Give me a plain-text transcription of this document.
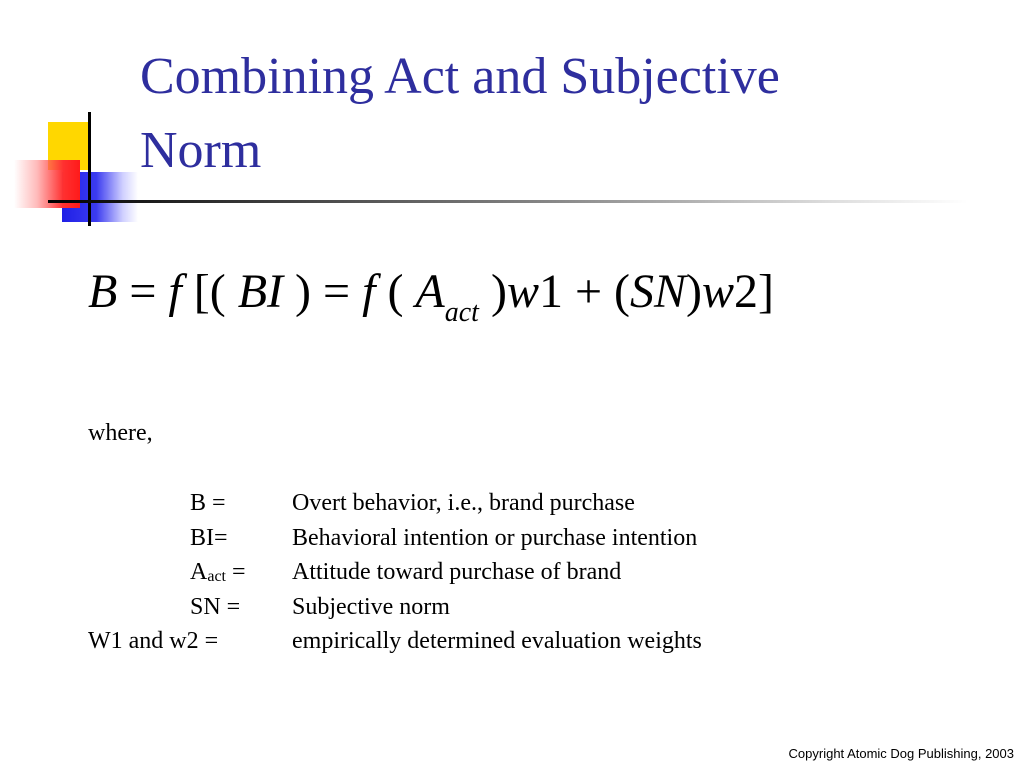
Combining Act and Subjective
Norm
B = f [( BI ) = f ( $A_{act}$ )w1 + (SN)w2]
where,
B =	Overt behavior, i.e., brand purchase
BI=	Behavioral intention or purchase intention
$A_{act}$ = Attitude toward purchase of brand
SN = Subjective norm
W1 and w2 =	empirically determined evaluation weights
Copyright Atomic Dog Publishing, 2003
